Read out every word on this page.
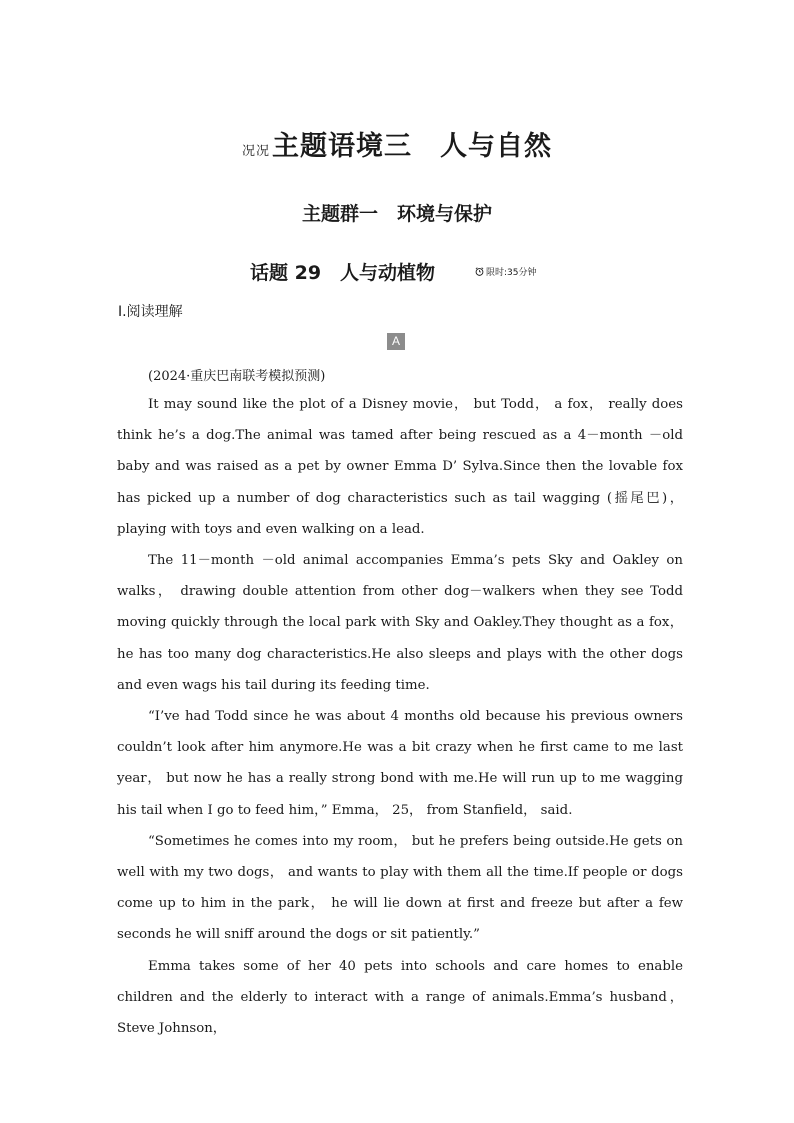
况况主题语境三　人与自然
主题群一　环境与保护
话题 29　人与动植物	限时:35分钟
Ⅰ.阅读理解
A
(2024·重庆巴南联考模拟预测)

It may sound like the plot of a Disney movie， but Todd， a fox， really does think he’s a dog.The animal was tamed after being rescued as a 4－month －old baby and was raised as a pet by owner Emma D’ Sylva.Since then the lovable fox has picked up a number of dog characteristics such as tail wagging (摇尾巴)， playing with toys and even walking on a lead.

The 11－month －old animal accompanies Emma’s pets Sky and Oakley on walks， drawing double attention from other dog－walkers when they see Todd moving quickly through the local park with Sky and Oakley.They thought as a fox， he has too many dog characteristics.He also sleeps and plays with the other dogs and even wags his tail during its feeding time.

“I’ve had Todd since he was about 4 months old because his previous owners couldn’t look after him anymore.He was a bit crazy when he first came to me last year， but now he has a really strong bond with me.He will run up to me wagging his tail when I go to feed him，” Emma， 25， from Stanfield， said.

“Sometimes he comes into my room， but he prefers being outside.He gets on well with my two dogs， and wants to play with them all the time.If people or dogs come up to him in the park， he will lie down at first and freeze but after a few seconds he will sniff around the dogs or sit patiently.”

Emma takes some of her 40 pets into schools and care homes to enable children and the elderly to interact with a range of animals.Emma’s husband， Steve Johnson，
